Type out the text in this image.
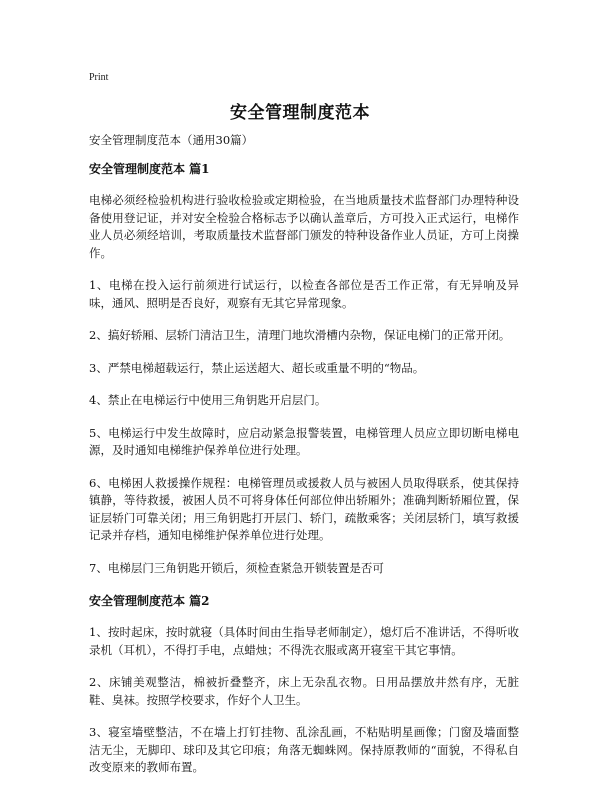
Print
安全管理制度范本
安全管理制度范本（通用30篇）
安全管理制度范本 篇1

电梯必须经检验机构进行验收检验或定期检验，在当地质量技术监督部门办理特种设备使用登记证，并对安全检验合格标志予以确认盖章后，方可投入正式运行，电梯作业人员必须经培训，考取质量技术监督部门颁发的特种设备作业人员证，方可上岗操作。

1、电梯在投入运行前须进行试运行，以检查各部位是否工作正常，有无异响及异味，通风、照明是否良好，观察有无其它异常现象。

2、搞好轿厢、层轿门清洁卫生，清理门地坎滑槽内杂物，保证电梯门的正常开闭。

3、严禁电梯超载运行，禁止运送超大、超长或重量不明的“物品。

4、禁止在电梯运行中使用三角钥匙开启层门。

5、电梯运行中发生故障时，应启动紧急报警装置，电梯管理人员应立即切断电梯电源，及时通知电梯维护保养单位进行处理。

6、电梯困人救援操作规程：电梯管理员或援救人员与被困人员取得联系，使其保持镇静，等待救援，被困人员不可将身体任何部位伸出轿厢外；准确判断轿厢位置，保证层轿门可靠关闭；用三角钥匙打开层门、轿门，疏散乘客；关闭层轿门，填写救援记录并存档，通知电梯维护保养单位进行处理。

7、电梯层门三角钥匙开锁后，须检查紧急开锁装置是否可

安全管理制度范本 篇2

1、按时起床，按时就寝（具体时间由生指导老师制定），熄灯后不准讲话，不得听收录机（耳机），不得打手电，点蜡烛；不得洗衣服或离开寝室干其它事情。

2、床铺美观整洁，棉被折叠整齐，床上无杂乱衣物。日用品摆放井然有序，无脏鞋、臭袜。按照学校要求，作好个人卫生。

3、寝室墙壁整洁，不在墙上打钉挂物、乱涂乱画，不粘贴明星画像；门窗及墙面整洁无尘，无脚印、球印及其它印痕；角落无蜘蛛网。保持原教师的“面貌，不得私自改变原来的教师布置。
